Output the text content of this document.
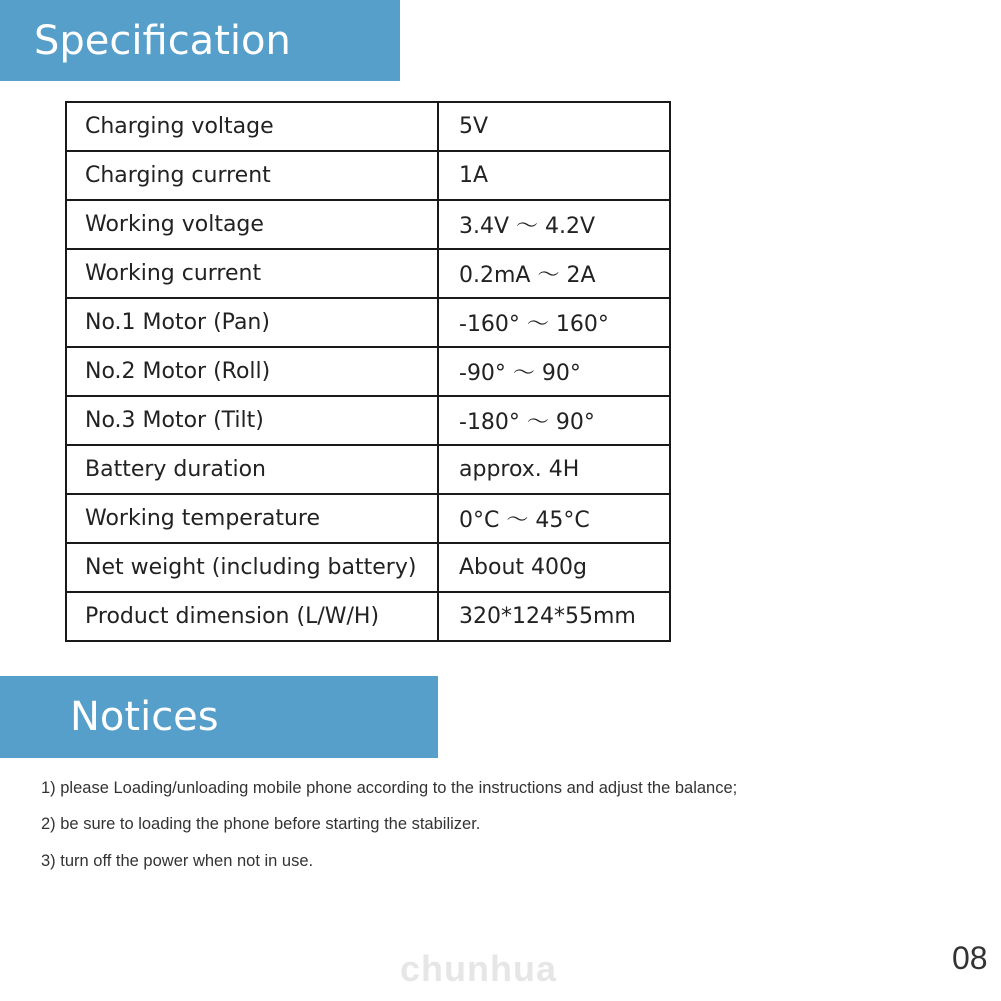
Specification
Charging voltage	5V
Charging current	1A
Working voltage	3.4V ～ 4.2V
Working current	0.2mA ～ 2A
No.1 Motor (Pan)	-160° ～ 160°
No.2 Motor (Roll)	-90° ～ 90°
No.3 Motor (Tilt)	-180° ～ 90°
Battery duration	approx. 4H
Working temperature	0°C ～ 45°C
Net weight (including battery)	About 400g
Product dimension (L/W/H)	320*124*55mm
Notices
1) please Loading/unloading mobile phone according to the instructions and adjust the balance;
2) be sure to loading the phone before starting the stabilizer.
3) turn off the power when not in use.
chunhua	08
